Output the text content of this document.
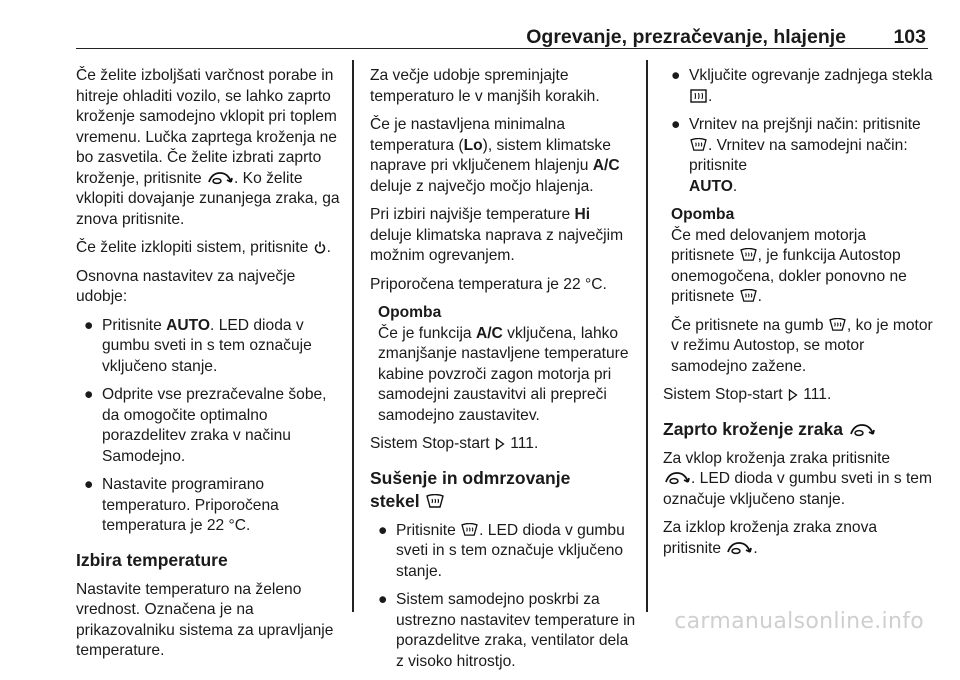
Ogrevanje, prezračevanje, hlajenje 103

Če želite izboljšati varčnost porabe in hitreje ohladiti vozilo, se lahko zaprto kroženje samodejno vklopit pri toplem vremenu. Lučka zaprtega kroženja ne bo zasvetila. Če želite izbrati zaprto kroženje, pritisnite . Ko želite vklopiti dovajanje zunanjega zraka, ga znova pritisnite.

Če želite izklopiti sistem, pritisnite .

Osnovna nastavitev za največje udobje:

● Pritisnite AUTO. LED dioda v gumbu sveti in s tem označuje vključeno stanje.
● Odprite vse prezračevalne šobe, da omogočite optimalno porazdelitev zraka v načinu Samodejno.
● Nastavite programirano temperaturo. Priporočena temperatura je 22 °C.
Izbira temperature

Nastavite temperaturo na želeno vrednost. Označena je na prikazovalniku sistema za upravljanje temperature.

Za večje udobje spreminjajte temperaturo le v manjših korakih.

Če je nastavljena minimalna temperatura (Lo), sistem klimatske naprave pri vključenem hlajenju A/C deluje z največjo močjo hlajenja.

Pri izbiri najvišje temperature Hi deluje klimatska naprava z največjim možnim ogrevanjem.

Priporočena temperatura je 22 °C.

Opomba
Če je funkcija A/C vključena, lahko zmanjšanje nastavljene temperature kabine povzroči zagon motorja pri samodejni zaustavitvi ali prepreči samodejno zaustavitev.

Sistem Stop-start 111.

Sušenje in odmrzovanje
stekel
● Pritisnite . LED dioda v gumbu sveti in s tem označuje vključeno stanje.
● Sistem samodejno poskrbi za ustrezno nastavitev temperature in porazdelitve zraka, ventilator dela z visoko hitrostjo.
● Vključite ogrevanje zadnjega stekla .
● Vrnitev na prejšnji način: pritisnite . Vrnitev na samodejni način: pritisnite
AUTO.
Opomba
Če med delovanjem motorja pritisnete , je funkcija Autostop onemogočena, dokler ponovno ne pritisnete .
Če pritisnete na gumb , ko je motor v režimu Autostop, se motor samodejno zažene.

Sistem Stop-start 111.

Zaprto kroženje zraka

Za vklop kroženja zraka pritisnite
. LED dioda v gumbu sveti in s tem označuje vključeno stanje.

Za izklop kroženja zraka znova pritisnite .

carmanualsonline.info
